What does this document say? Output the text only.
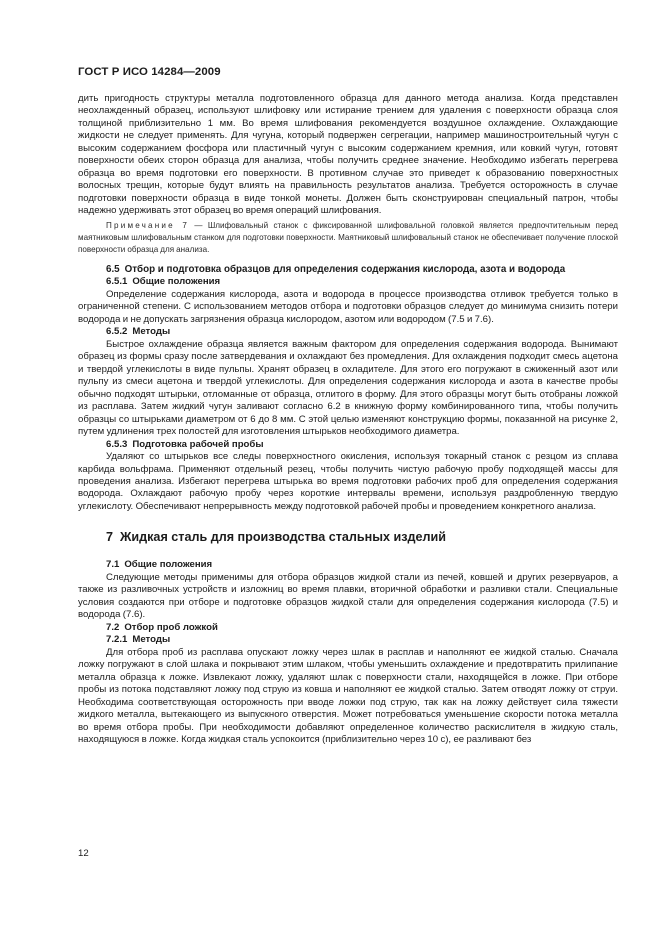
ГОСТ Р ИСО 14284—2009

дить пригодность структуры металла подготовленного образца для данного метода анализа. Когда представлен неохлажденный образец, используют шлифовку или истирание трением для удаления с поверхности образца слоя толщиной приблизительно 1 мм. Во время шлифования рекомендуется воздушное охлаждение. Охлаждающие жидкости не следует применять. Для чугуна, который подвержен сегрегации, например машиностроительный чугун с высоким содержанием фосфора или пластичный чугун с высоким содержанием кремния, или ковкий чугун, готовят поверхности обеих сторон образца для анализа, чтобы получить среднее значение. Необходимо избегать перегрева образца во время подготовки его поверхности. В противном случае это приведет к образованию поверхностных волосных трещин, которые будут влиять на правильность результатов анализа. Требуется осторожность в случае подготовки поверхности образца в виде тонкой монеты. Должен быть сконструирован специальный патрон, чтобы надежно удерживать этот образец во время операций шлифования.

Примечание 7 — Шлифовальный станок с фиксированной шлифовальной головкой является предпочтительным перед маятниковым шлифовальным станком для подготовки поверхности. Маятниковый шлифовальный станок не обеспечивает получение плоской поверхности образца для анализа.

6.5 Отбор и подготовка образцов для определения содержания кислорода, азота и водорода

6.5.1 Общие положения

Определение содержания кислорода, азота и водорода в процессе производства отливок требуется только в ограниченной степени. С использованием методов отбора и подготовки образцов следует до минимума снизить потери водорода и не допускать загрязнения образца кислородом, азотом или водородом (7.5 и 7.6).

6.5.2 Методы

Быстрое охлаждение образца является важным фактором для определения содержания водорода. Вынимают образец из формы сразу после затвердевания и охлаждают без промедления. Для охлаждения подходит смесь ацетона и твердой углекислоты в виде пульпы. Хранят образец в охладителе. Для этого его погружают в сжиженный азот или пульпу из смеси ацетона и твердой углекислоты. Для определения содержания кислорода и азота в качестве пробы обычно подходят штырьки, отломанные от образца, отлитого в форму. Для этого образцы могут быть отобраны ложкой из расплава. Затем жидкий чугун заливают согласно 6.2 в книжную форму комбинированного типа, чтобы получить образцы со штырьками диаметром от 6 до 8 мм. С этой целью изменяют конструкцию формы, показанной на рисунке 2, путем удлинения трех полостей для изготовления штырьков необходимого диаметра.

6.5.3 Подготовка рабочей пробы

Удаляют со штырьков все следы поверхностного окисления, используя токарный станок с резцом из сплава карбида вольфрама. Применяют отдельный резец, чтобы получить чистую рабочую пробу подходящей массы для проведения анализа. Избегают перегрева штырька во время подготовки рабочих проб для определения содержания водорода. Охлаждают рабочую пробу через короткие интервалы времени, используя раздробленную твердую углекислоту. Обеспечивают непрерывность между подготовкой рабочей пробы и проведением конкретного анализа.

7 Жидкая сталь для производства стальных изделий

7.1 Общие положения

Следующие методы применимы для отбора образцов жидкой стали из печей, ковшей и других резервуаров, а также из разливочных устройств и изложниц во время плавки, вторичной обработки и разливки стали. Специальные условия создаются при отборе и подготовке образцов жидкой стали для определения содержания кислорода (7.5) и водорода (7.6).

7.2 Отбор проб ложкой

7.2.1 Методы

Для отбора проб из расплава опускают ложку через шлак в расплав и наполняют ее жидкой сталью. Сначала ложку погружают в слой шлака и покрывают этим шлаком, чтобы уменьшить охлаждение и предотвратить прилипание металла образца к ложке. Извлекают ложку, удаляют шлак с поверхности стали, находящейся в ложке. При отборе пробы из потока подставляют ложку под струю из ковша и наполняют ее жидкой сталью. Затем отводят ложку от струи. Необходима соответствующая осторожность при вводе ложки под струю, так как на ложку действует сила тяжести жидкого металла, вытекающего из выпускного отверстия. Может потребоваться уменьшение скорости потока металла во время отбора пробы. При необходимости добавляют определенное количество раскислителя в жидкую сталь, находящуюся в ложке. Когда жидкая сталь успокоится (приблизительно через 10 с), ее разливают без

12
